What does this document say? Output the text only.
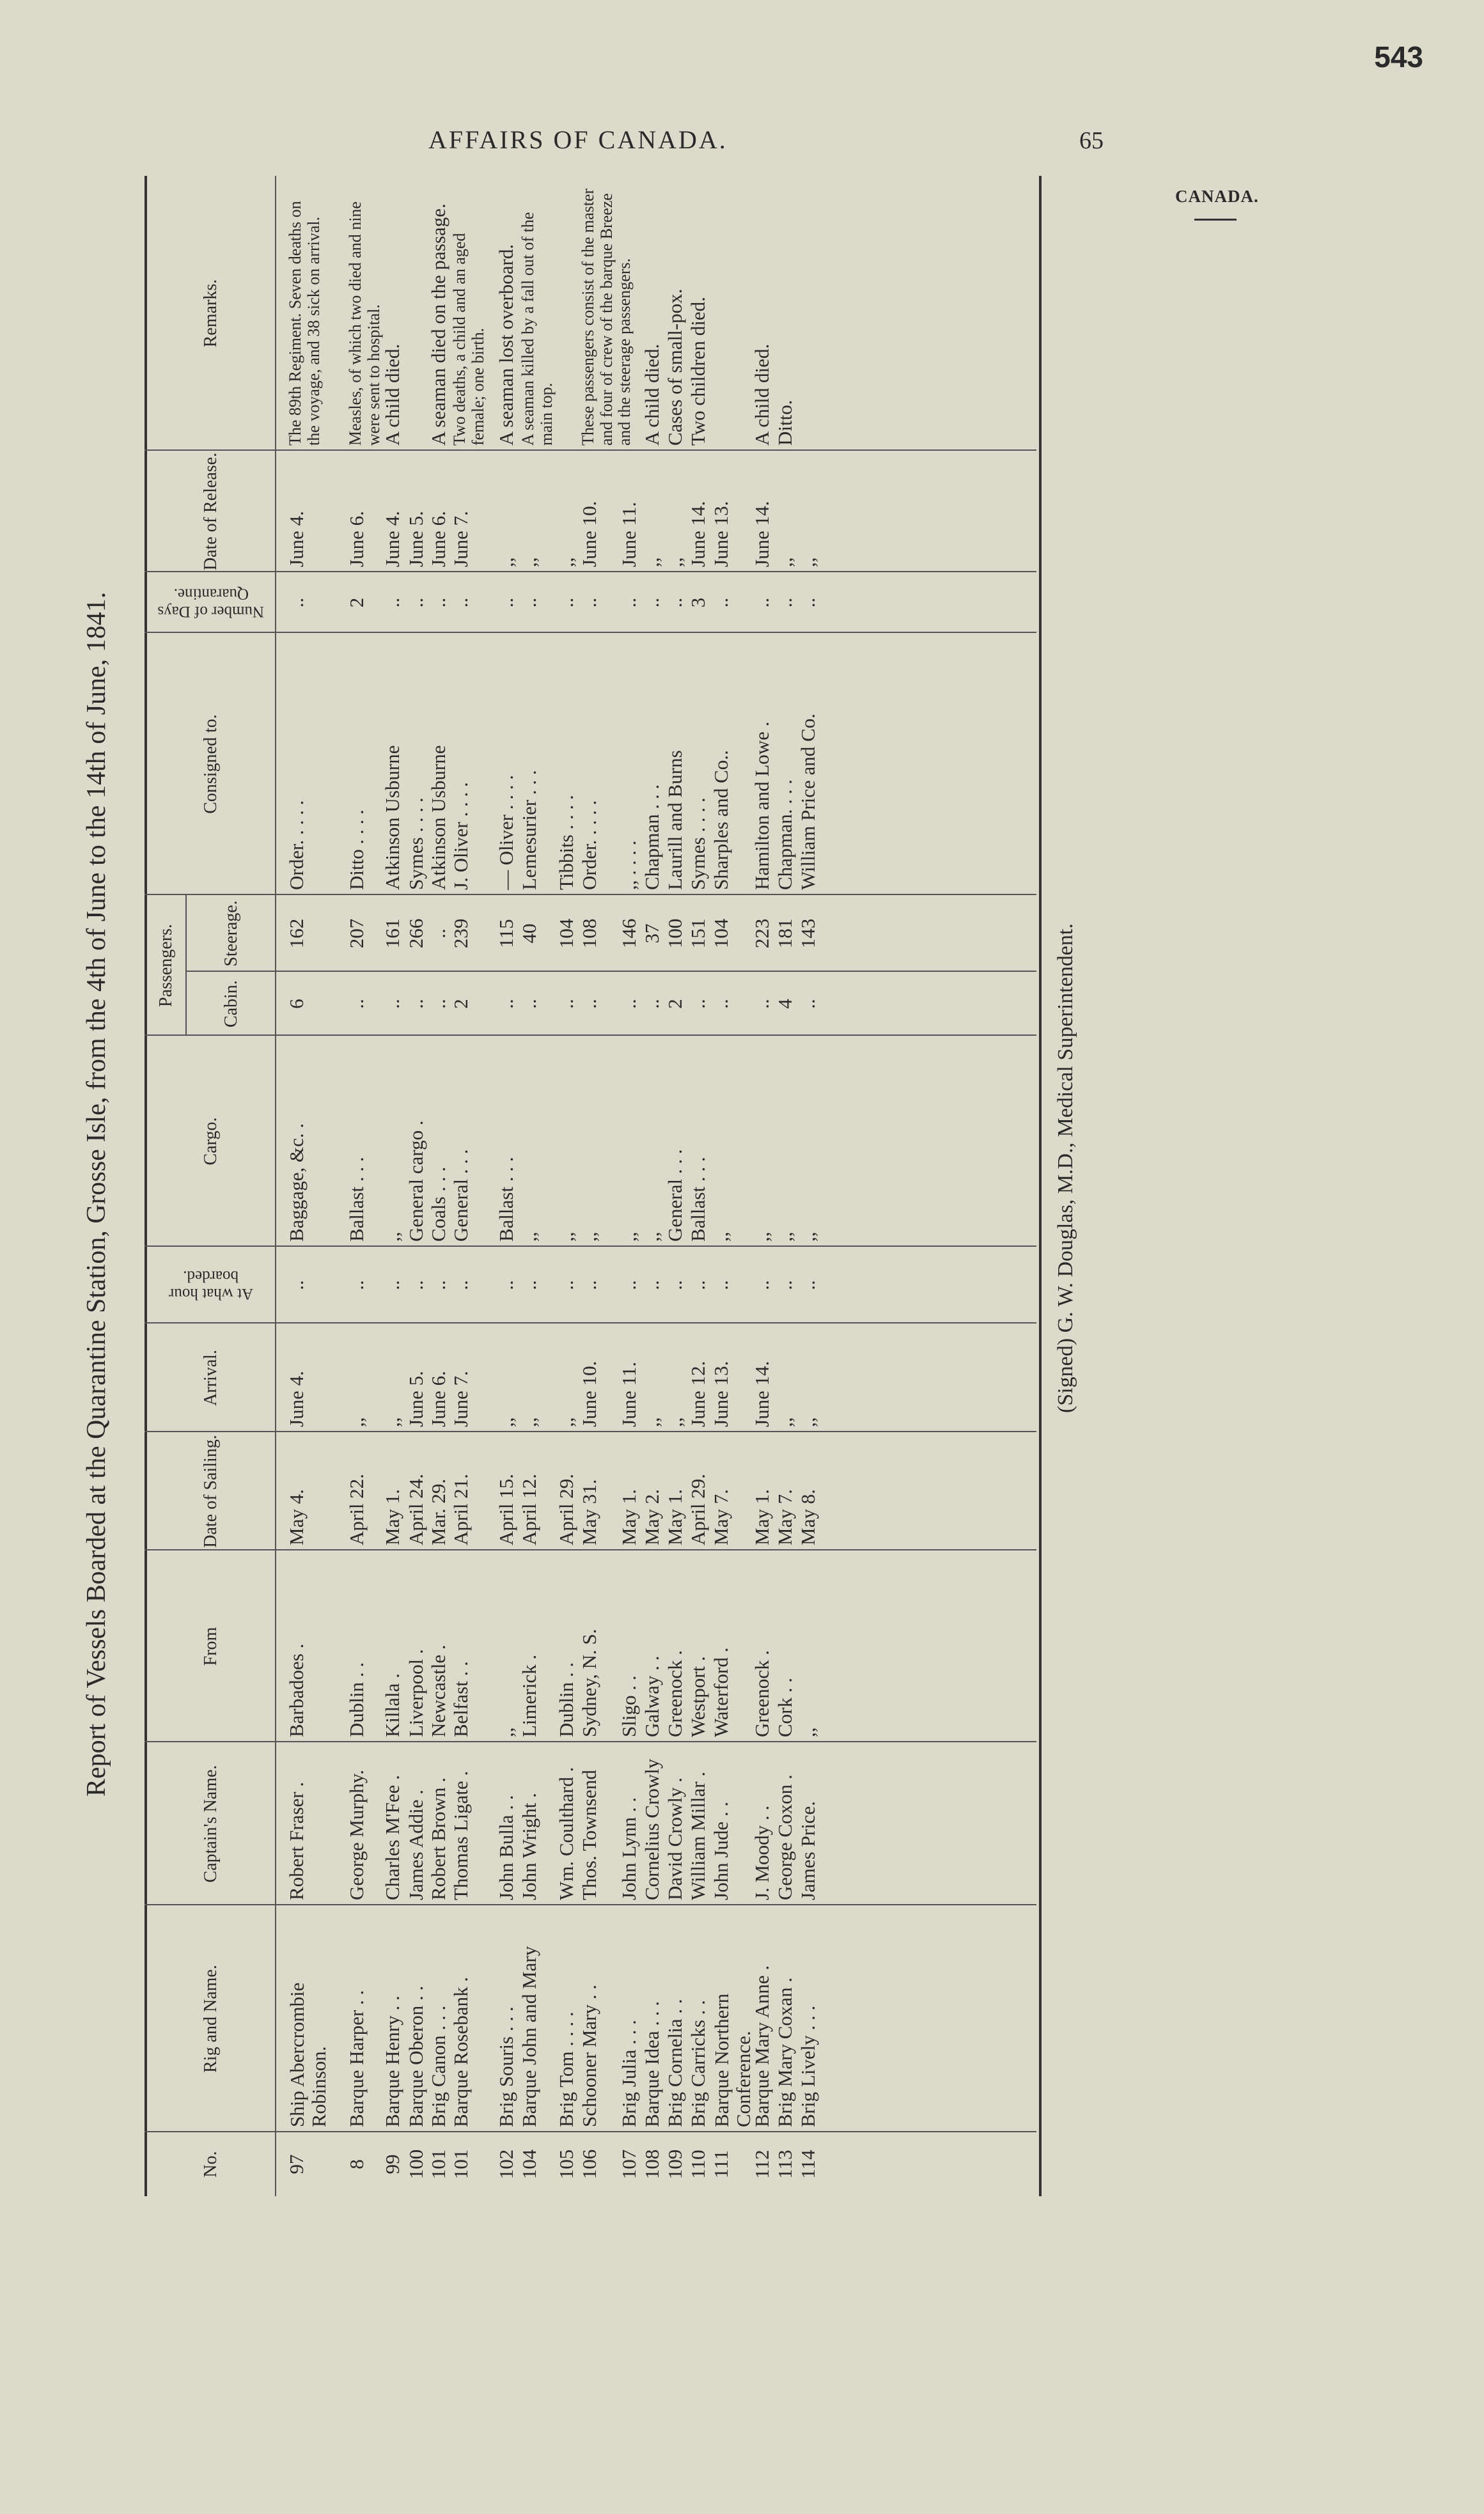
543
AFFAIRS OF CANADA.	65
CANADA.
Report of Vessels Boarded at the Quarantine Station, Grosse Isle, from the 4th of June to the 14th of June, 1841.	Passengers.
No.
Rig and Name.
Captain's Name.
From
Date of Sailing.
Arrival.
At what hour boarded.
Cargo.
Cabin.
Steerage.
Consigned to.
Number of Days Quarantine.
Date of Release.
Remarks.
97
Ship Abercrombie Robinson.
Robert Fraser .
Barbadoes .
May 4.
June 4.
..
Baggage, &c. .
6
162
Order. . . . .
..
June 4.
The 89th Regiment. Seven deaths on the voyage, and 38 sick on arrival.
8
Barque Harper . .
George Murphy.
Dublin . .
April 22.
,,
..
Ballast . . .
..
207
Ditto . . . .
2
June 6.
Measles, of which two died and nine were sent to hospital.
99
Barque Henry . .
Charles M'Fee .
Killala .
May 1.
,,
..
,,
..
161
Atkinson Usburne
..
June 4.
A child died.
100
Barque Oberon . .
James Addie .
Liverpool .
April 24.
June 5.
..
General cargo .
..
266
Symes . . . .
..
June 5.
101
Brig Canon . . .
Robert Brown .
Newcastle .
Mar. 29.
June 6.
..
Coals . . .
..
..
Atkinson Usburne
..
June 6.
A seaman died on the passage.
101
Barque Rosebank .
Thomas Ligate .
Belfast . .
April 21.
June 7.
..
General . . .
2
239
J. Oliver . . . .
..
June 7.
Two deaths, a child and an aged female; one birth.
102
Brig Souris . . .
John Bulla . .
,,
April 15.
,,
..
Ballast . . .
..
115
— Oliver . . . .
..
,,
A seaman lost overboard.
104
Barque John and Mary
John Wright .
Limerick .
April 12.
,,
..
,,
..
40
Lemesurier . . .
..
,,
A seaman killed by a fall out of the main top.
105
Brig Tom . . . .
Wm. Coulthard .
Dublin . .
April 29.
,,
..
,,
..
104
Tibbits . . . .
..
,,
106
Schooner Mary . .
Thos. Townsend
Sydney, N. S.
May 31.
June 10.
..
,,
..
108
Order. . . . .
..
June 10.
These passengers consist of the master and four of crew of the barque Breeze and the steerage passengers.
107
Brig Julia . . .
John Lynn . .
Sligo . .
May 1.
June 11.
..
,,
..
146
,, . . . .
..
June 11.
108
Barque Idea . . .
Cornelius Crowly
Galway . .
May 2.
,,
..
,,
..
37
Chapman . . .
..
,,
A child died.
109
Brig Cornelia . .
David Crowly .
Greenock .
May 1.
,,
..
General . . .
2
100
Laurill and Burns
..
,,
Cases of small-pox.
110
Brig Carricks . .
William Millar .
Westport .
April 29.
June 12.
..
Ballast . . .
..
151
Symes . . . .
3
June 14.
Two children died.
111
Barque Northern Conference.
John Jude . .
Waterford .
May 7.
June 13.
..
,,
..
104
Sharples and Co..
..
June 13.
112
Barque Mary Anne .
J. Moody . .
Greenock .
May 1.
June 14.
..
,,
..
223
Hamilton and Lowe .
..
June 14.
A child died.
113
Brig Mary Coxan .
George Coxon .
Cork . .
May 7.
,,
..
,,
4
181
Chapman. . . .
..
,,
Ditto.
114
Brig Lively . . .
James Price.
,,
May 8.
,,
..
,,
..
143
William Price and Co.
..
,,
(Signed) G. W. Douglas, M.D., Medical Superintendent.
